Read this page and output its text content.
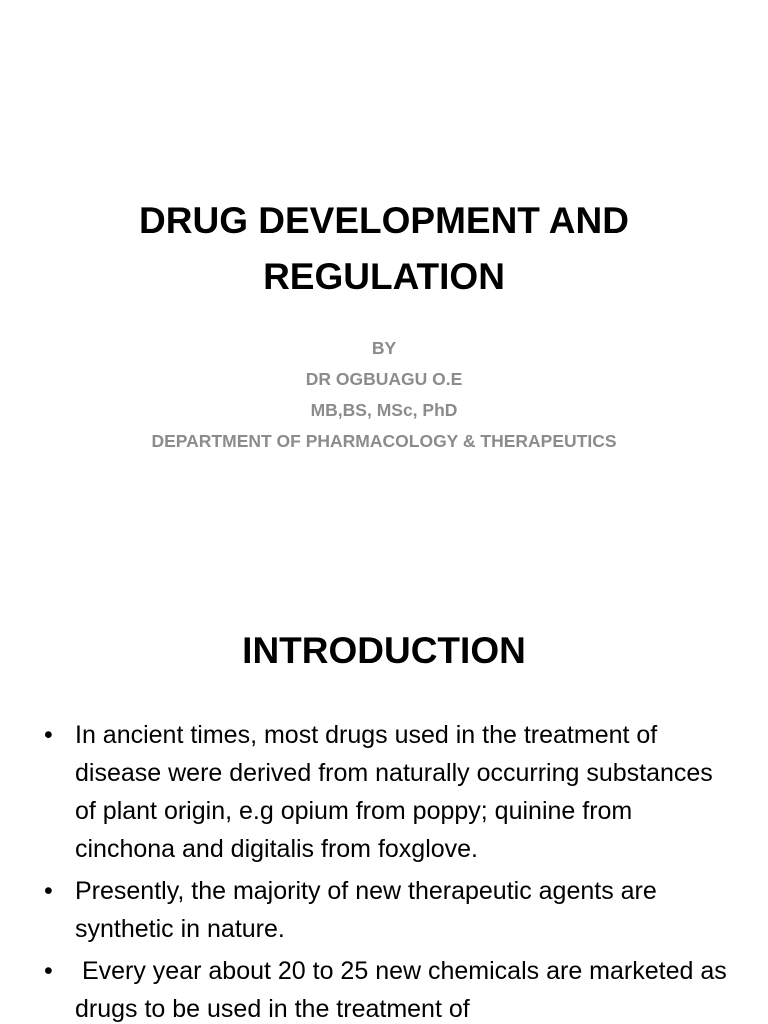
DRUG DEVELOPMENT AND
REGULATION
BY
DR OGBUAGU O.E
MB,BS, MSc, PhD
DEPARTMENT OF PHARMACOLOGY & THERAPEUTICS
INTRODUCTION
• In ancient times, most drugs used in the treatment of disease were derived from naturally occurring substances of plant origin, e.g opium from poppy; quinine from cinchona and digitalis from foxglove.
• Presently, the majority of new therapeutic agents are synthetic in nature.
• Every year about 20 to 25 new chemicals are marketed as drugs to be used in the treatment of
